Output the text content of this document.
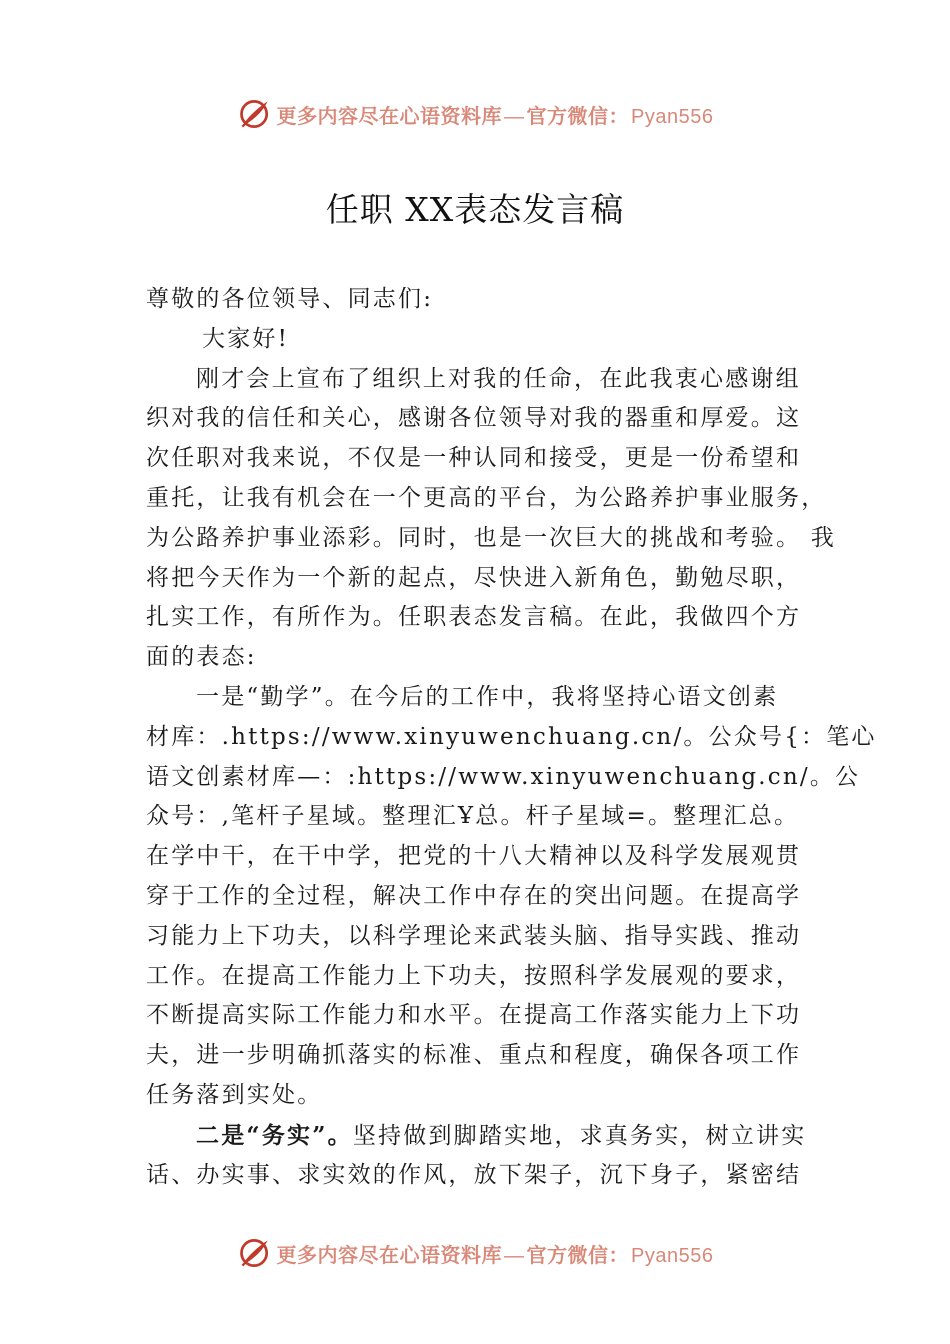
更多内容尽在心语资料库 — 官方微信： Pyan556
任职 XX表态发言稿
尊敬的各位领导、同志们:
大家好!
刚才会上宣布了组织上对我的任命，在此我衷心感谢组
织对我的信任和关心，感谢各位领导对我的器重和厚爱。这
次任职对我来说，不仅是一种认同和接受，更是一份希望和
重托，让我有机会在一个更高的平台，为公路养护事业服务，
为公路养护事业添彩。同时，也是一次巨大的挑战和考验。 我
将把今天作为一个新的起点，尽快进入新角色，勤勉尽职，
扎实工作，有所作为。任职表态发言稿。在此，我做四个方
面的表态:
一是“勤学”。在今后的工作中，我将坚持心语文创素
材库：.https://www.xinyuwenchuang.cn/。公众号{：笔心
语文创素材库—：:https://www.xinyuwenchuang.cn/。公
众号：,笔杆子星域。整理汇Ұ总。杆子星域=。整理汇总。
在学中干，在干中学，把党的十八大精神以及科学发展观贯
穿于工作的全过程，解决工作中存在的突出问题。在提高学
习能力上下功夫，以科学理论来武装头脑、指导实践、推动
工作。在提高工作能力上下功夫，按照科学发展观的要求，
不断提高实际工作能力和水平。在提高工作落实能力上下功
夫，进一步明确抓落实的标准、重点和程度，确保各项工作
任务落到实处。
二是“务实”。坚持做到脚踏实地，求真务实，树立讲实
话、办实事、求实效的作风，放下架子，沉下身子，紧密结
更多内容尽在心语资料库 — 官方微信： Pyan556
